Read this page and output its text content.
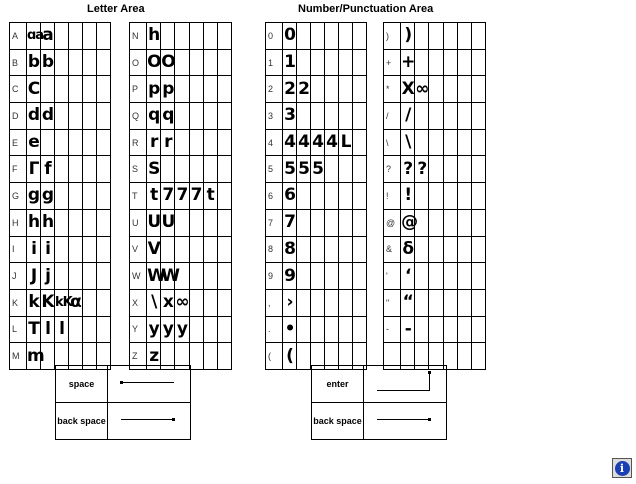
Letter Area	Number/Punctuation Area
A	ɑa	a				
B	b	b				
C	C					
D	d	d				
E	e					
F	Γ	f				
G	g	g				
H	h	h				
I	i	i				
J	J	j				
K	k	K	kK	α		
L	T	l	l			
M	m					
N	h					
O	O	O				
P	p	p				
Q	q	q				
R	r	r				
S	S					
T	t	7	7	7	t	
U	U	U				
V	V					
W	W	W				
X	\	x	∞			
Y	y	y	y			
Z	z					
0	0					
1	1					
2	2	2				
3	3					
4	4	4	4	4	L	
5	5	5	5			
6	6					
7	7					
8	8					
9	9					
,	›					
.	•					
(	(					
)	)					
+	+					
*	X	∞				
/	/					
\	\					
?	?	?				
!	!					
@	@					
&	δ					
'	‘					
"	“					
-	-					

space	

back space	
enter	

back space	
i
